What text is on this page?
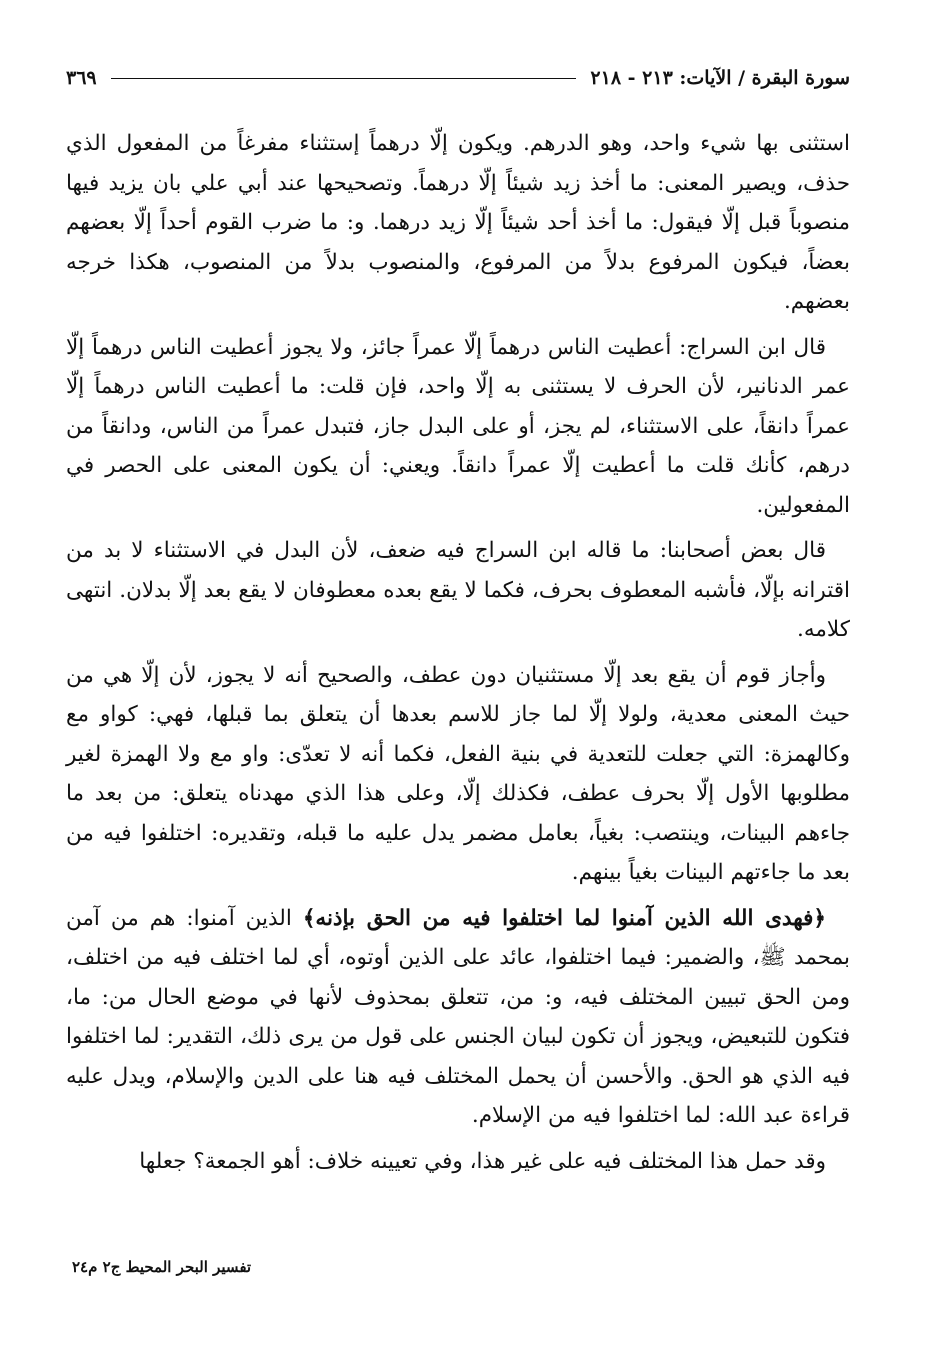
سورة البقرة / الآيات: ٢١٣ - ٢١٨
٣٦٩

استثنى بها شيء واحد، وهو الدرهم. ويكون إلّا درهماً إستثناء مفرغاً من المفعول الذي حذف، ويصير المعنى: ما أخذ زيد شيئاً إلّا درهماً. وتصحيحها عند أبي علي بان يزيد فيها منصوباً قبل إلّا فيقول: ما أخذ أحد شيئاً إلّا زيد درهما. و: ما ضرب القوم أحداً إلّا بعضهم بعضاً، فيكون المرفوع بدلاً من المرفوع، والمنصوب بدلاً من المنصوب، هكذا خرجه بعضهم.

قال ابن السراج: أعطيت الناس درهماً إلّا عمراً جائز، ولا يجوز أعطيت الناس درهماً إلّا عمر الدنانير، لأن الحرف لا يستثنى به إلّا واحد، فإن قلت: ما أعطيت الناس درهماً إلّا عمراً دانقاً، على الاستثناء، لم يجز، أو على البدل جاز، فتبدل عمراً من الناس، ودانقاً من درهم، كأنك قلت ما أعطيت إلّا عمراً دانقاً. ويعني: أن يكون المعنى على الحصر في المفعولين.

قال بعض أصحابنا: ما قاله ابن السراج فيه ضعف، لأن البدل في الاستثناء لا بد من اقترانه بإلّا، فأشبه المعطوف بحرف، فكما لا يقع بعده معطوفان لا يقع بعد إلّا بدلان. انتهى كلامه.

وأجاز قوم أن يقع بعد إلّا مستثنيان دون عطف، والصحيح أنه لا يجوز، لأن إلّا هي من حيث المعنى معدية، ولولا إلّا لما جاز للاسم بعدها أن يتعلق بما قبلها، فهي: كواو مع وكالهمزة: التي جعلت للتعدية في بنية الفعل، فكما أنه لا تعدّى: واو مع ولا الهمزة لغير مطلوبها الأول إلّا بحرف عطف، فكذلك إلّا، وعلى هذا الذي مهدناه يتعلق: من بعد ما جاءهم البينات، وينتصب: بغياً، بعامل مضمر يدل عليه ما قبله، وتقديره: اختلفوا فيه من بعد ما جاءتهم البينات بغياً بينهم.

﴿فهدى الله الذين آمنوا لما اختلفوا فيه من الحق بإذنه﴾ الذين آمنوا: هم من آمن بمحمد ﷺ، والضمير: فيما اختلفوا، عائد على الذين أوتوه، أي لما اختلف فيه من اختلف، ومن الحق تبيين المختلف فيه، و: من، تتعلق بمحذوف لأنها في موضع الحال من: ما، فتكون للتبعيض، ويجوز أن تكون لبيان الجنس على قول من يرى ذلك، التقدير: لما اختلفوا فيه الذي هو الحق. والأحسن أن يحمل المختلف فيه هنا على الدين والإسلام، ويدل عليه قراءة عبد الله: لما اختلفوا فيه من الإسلام.

وقد حمل هذا المختلف فيه على غير هذا، وفي تعيينه خلاف: أهو الجمعة؟ جعلها

تفسير البحر المحيط ج٢ م٢٤
